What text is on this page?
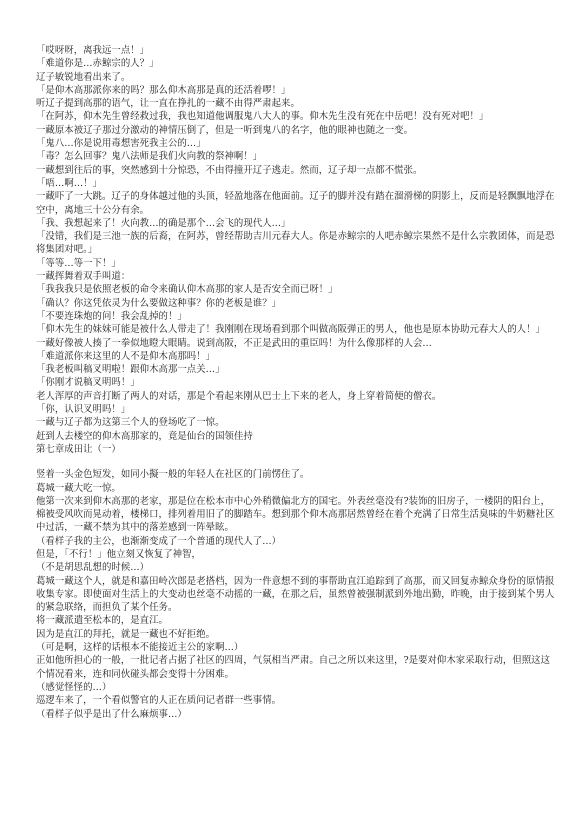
「哎呀呀，离我远一点！」
「难道你是…赤鲸宗的人？」
辽子敏锐地看出来了。
「是仰木高那派你来的吗？那么仰木高那是真的还活着啰！」
听辽子提到高那的语气，让一直在挣扎的一藏不由得严肃起来。
「在阿苏，仰木先生曾经救过我，我也知道他调服鬼八大人的事。仰木先生没有死在中岳吧！没有死对吧！」
一藏原本被辽子那过分激动的神情压倒了，但是一听到鬼八的名字，他的眼神也随之一变。
「鬼八…你是说用毒想害死我主公的…」
「毒？怎么回事？鬼八法师是我们火向教的祭神啊！」
一藏想到往后的事，突然感到十分惊恐，不由得撞开辽子逃走。然而，辽子却一点都不慌张。
「唔…啊…！」
一藏吓了一大跳。辽子的身体越过他的头顶，轻盈地落在他面前。辽子的脚并没有踏在溜滑梯的阴影上，反而是轻飘飘地浮在空中，离地三十公分有余。
「我、我想起来了！火向教…的确是那个…会飞的现代人…」
「没错，我们是三池一族的后裔，在阿苏，曾经帮助吉川元春大人。你是赤鲸宗的人吧赤鲸宗果然不是什么宗教团体，而是恐将集团对吧。」
「等等…等一下！」
一藏挥舞着双手叫道：
「我我我只是依照老板的命令来确认仰木高那的家人是否安全而已呀！」
「确认？你这凭依灵为什么要做这种事？你的老板是谁？」
「不要连珠炮的问！我会乱掉的！」
「仰木先生的妹妹可能是被什么人带走了！我刚刚在现场看到那个叫做高阪弹正的男人，他也是原本协助元春大人的人！」
一藏好像被人揍了一拳似地瞪大眼睛。说到高阪，不正是武田的重臣吗！为什么像那样的人会…
「难道派你来这里的人不是仰木高那吗！」
「我老板叫稿叉明啦！跟仰木高那一点关…」
「你刚才说稿叉明吗！」
老人浑厚的声音打断了两人的对话，那是个看起来刚从巴士上下来的老人，身上穿着简便的僧衣。
「你，认识叉明吗！」
一藏与辽子都为这第三个人的登场吃了一惊。
赶到人去楼空的仰木高那家的，竟是仙台的国领佳持
第七章成田让（一）
竖着一头金色短发，如同小擬一般的年轻人在社区的门前愣住了。
葛城一藏大吃一惊。
他第一次来到仰木高那的老家，那是位在松本市中心外稍微偏北方的国宅。外表丝毫没有?装饰的旧房子，一楼阴的阳台上，棉被受风吹而晃动着，楼梯口，排列着用旧了的脚踏车。想到那个仰木高那居然曾经在着个充满了日常生活臭味的牛奶糖社区中过活，一藏不禁为其中的落差感到一阵晕眩。
（看样子我的主公，也渐渐变成了一个普通的现代人了…）
但是，「不行！」他立刻又恢复了神智，
（不是胡思乱想的时候…）
葛城一藏这个人，就是和嘉田岭次郎是老搭档，因为一件意想不到的事帮助直江追踪到了高那，而又回复赤鲸众身份的原情报收集专家。即使面对生活上的大变动也丝毫不动摇的一藏，在那之后，虽然曾被强制派到外地出勤，昨晚，由于接到某个男人的紧急联络，而担负了某个任务。
将一藏派遣至松本的，是直江。
因为是直江的拜托，就是一藏也不好拒绝。
（可是啊，这样的话根本不能接近主公的家啊…）
正如他所担心的一般，一批记者占据了社区的四周，气氛相当严肃。自己之所以来这里，?是要对仰木家采取行动，但照这这个情况看来，连和同伙碰头都会变得十分困难。
（感觉怪怪的…）
巡逻车来了，一个看似警官的人正在质问记者群一些事情。
（看样子似乎是出了什么麻烦事…）
